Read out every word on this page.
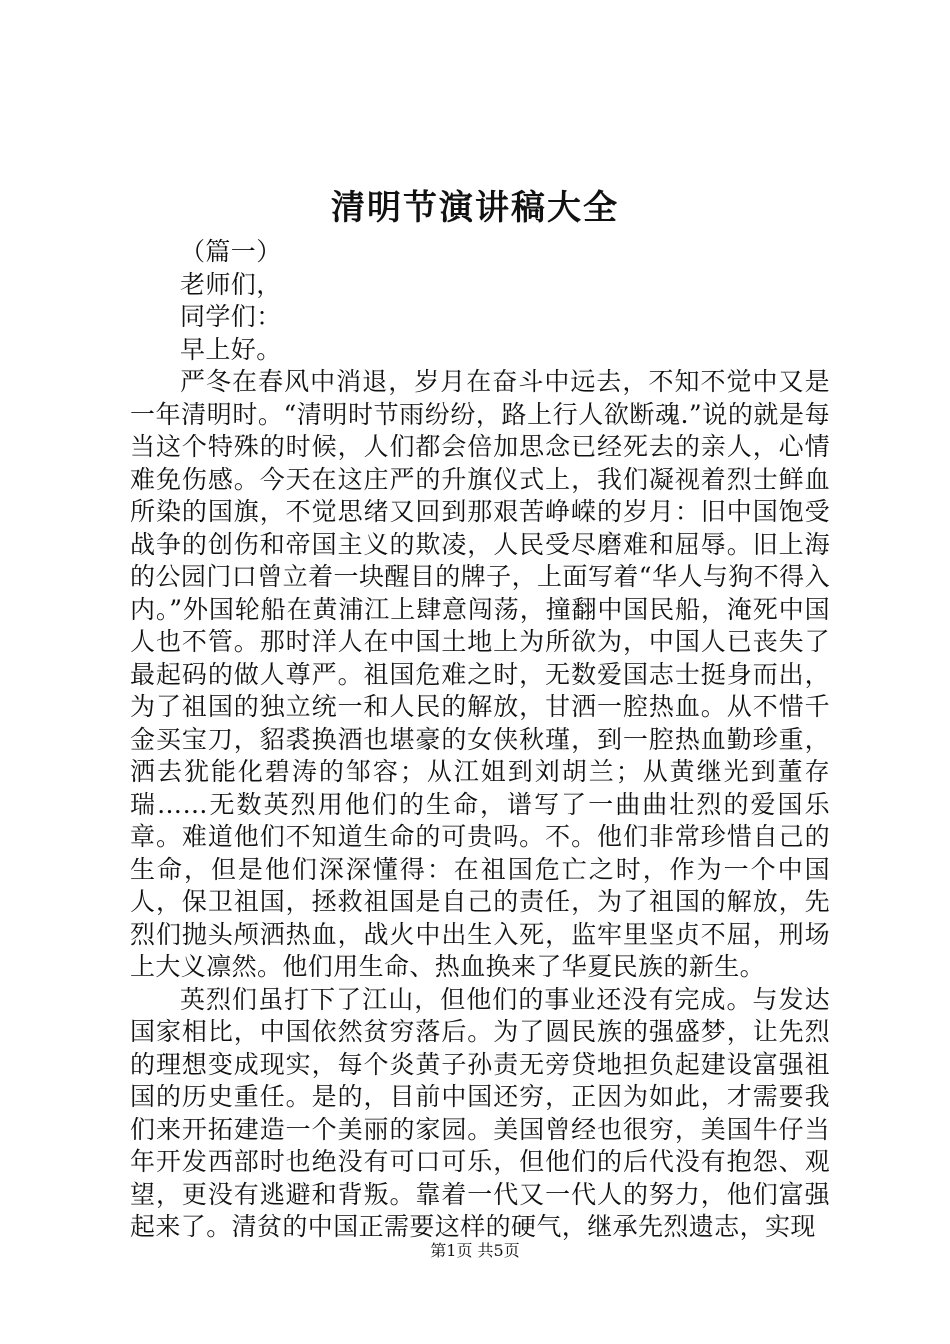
清明节演讲稿大全

（篇一）

老师们，

同学们：

早上好。

严冬在春风中消退，岁月在奋斗中远去，不知不觉中又是一年清明时。“清明时节雨纷纷，路上行人欲断魂.”说的就是每当这个特殊的时候，人们都会倍加思念已经死去的亲人，心情难免伤感。今天在这庄严的升旗仪式上，我们凝视着烈士鲜血所染的国旗，不觉思绪又回到那艰苦峥嵘的岁月：旧中国饱受战争的创伤和帝国主义的欺凌，人民受尽磨难和屈辱。旧上海的公园门口曾立着一块醒目的牌子，上面写着“华人与狗不得入内。”外国轮船在黄浦江上肆意闯荡，撞翻中国民船，淹死中国人也不管。那时洋人在中国土地上为所欲为，中国人已丧失了最起码的做人尊严。祖国危难之时，无数爱国志士挺身而出，为了祖国的独立统一和人民的解放，甘洒一腔热血。从不惜千金买宝刀，貂裘换酒也堪豪的女侠秋瑾，到一腔热血勤珍重，洒去犹能化碧涛的邹容；从江姐到刘胡兰；从黄继光到董存瑞……无数英烈用他们的生命，谱写了一曲曲壮烈的爱国乐章。难道他们不知道生命的可贵吗。不。他们非常珍惜自己的生命，但是他们深深懂得：在祖国危亡之时，作为一个中国人，保卫祖国，拯救祖国是自己的责任，为了祖国的解放，先烈们抛头颅洒热血，战火中出生入死，监牢里坚贞不屈，刑场上大义凛然。他们用生命、热血换来了华夏民族的新生。

英烈们虽打下了江山，但他们的事业还没有完成。与发达国家相比，中国依然贫穷落后。为了圆民族的强盛梦，让先烈的理想变成现实，每个炎黄子孙责无旁贷地担负起建设富强祖国的历史重任。是的，目前中国还穷，正因为如此，才需要我们来开拓建造一个美丽的家园。美国曾经也很穷，美国牛仔当年开发西部时也绝没有可口可乐，但他们的后代没有抱怨、观望，更没有逃避和背叛。靠着一代又一代人的努力，他们富强起来了。清贫的中国正需要这样的硬气，继承先烈遗志，实现

第1页 共5页
